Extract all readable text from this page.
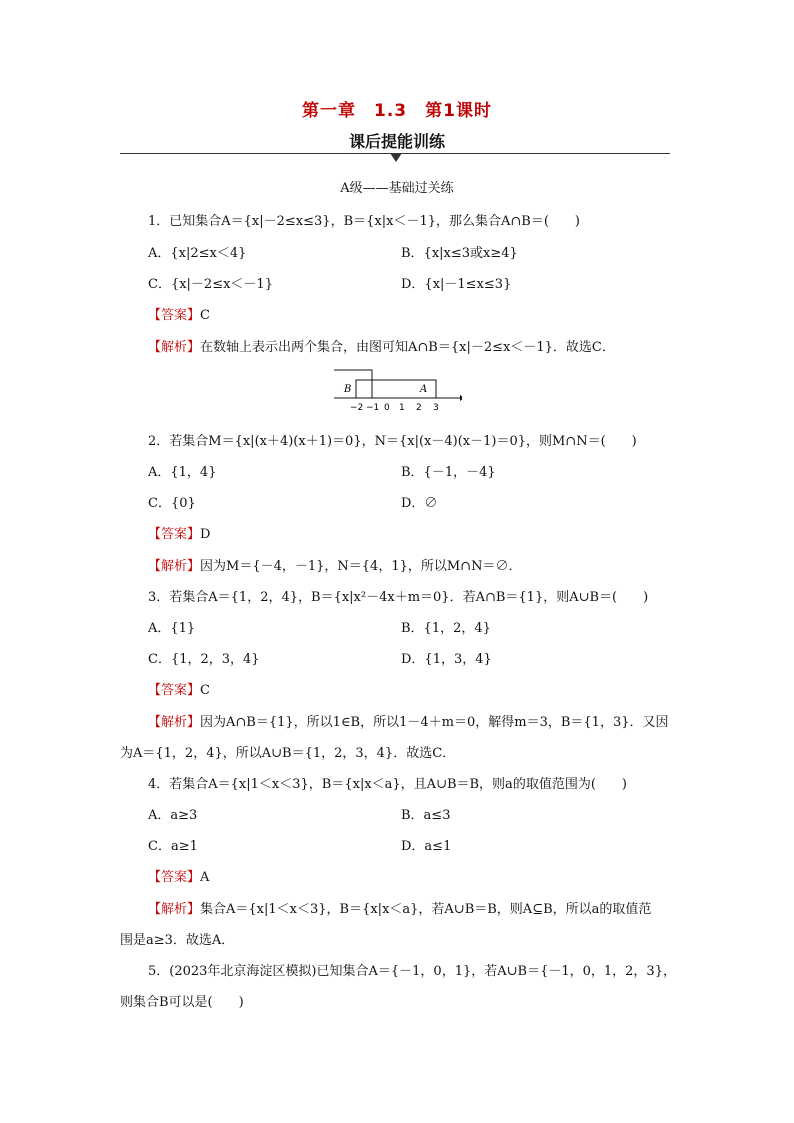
第一章　1.3　第1课时
课后提能训练
A级——基础过关练
1．已知集合A＝{x|－2≤x≤3}，B＝{x|x＜－1}，那么集合A∩B＝(　　)
A．{x|2≤x＜4}	B．{x|x≤3或x≥4}
C．{x|－2≤x＜－1}	D．{x|－1≤x≤3}
【答案】C
【解析】在数轴上表示出两个集合，由图可知A∩B＝{x|－2≤x＜－1}．故选C．
B	A
−2 −1 0 1 2 3
2．若集合M＝{x|(x＋4)(x＋1)＝0}，N＝{x|(x－4)(x－1)＝0}，则M∩N＝(　　)
A．{1，4}	B．{－1，－4}
C．{0}	D．∅
【答案】D
【解析】因为M＝{－4，－1}，N＝{4，1}，所以M∩N＝∅．
3．若集合A＝{1，2，4}，B＝{x|x²－4x＋m＝0}．若A∩B＝{1}，则A∪B＝(　　)
A．{1}	B．{1，2，4}
C．{1，2，3，4}	D．{1，3，4}
【答案】C
【解析】因为A∩B＝{1}，所以1∈B，所以1－4＋m＝0，解得m＝3，B＝{1，3}．又因
为A＝{1，2，4}，所以A∪B＝{1，2，3，4}．故选C．
4．若集合A＝{x|1＜x＜3}，B＝{x|x＜a}，且A∪B＝B，则a的取值范围为(　　)
A．a≥3	B．a≤3
C．a≥1	D．a≤1
【答案】A
【解析】集合A＝{x|1＜x＜3}，B＝{x|x＜a}，若A∪B＝B，则A⊆B，所以a的取值范
围是a≥3．故选A．
5．(2023年北京海淀区模拟)已知集合A＝{－1，0，1}，若A∪B＝{－1，0，1，2，3}，
则集合B可以是(　　)
